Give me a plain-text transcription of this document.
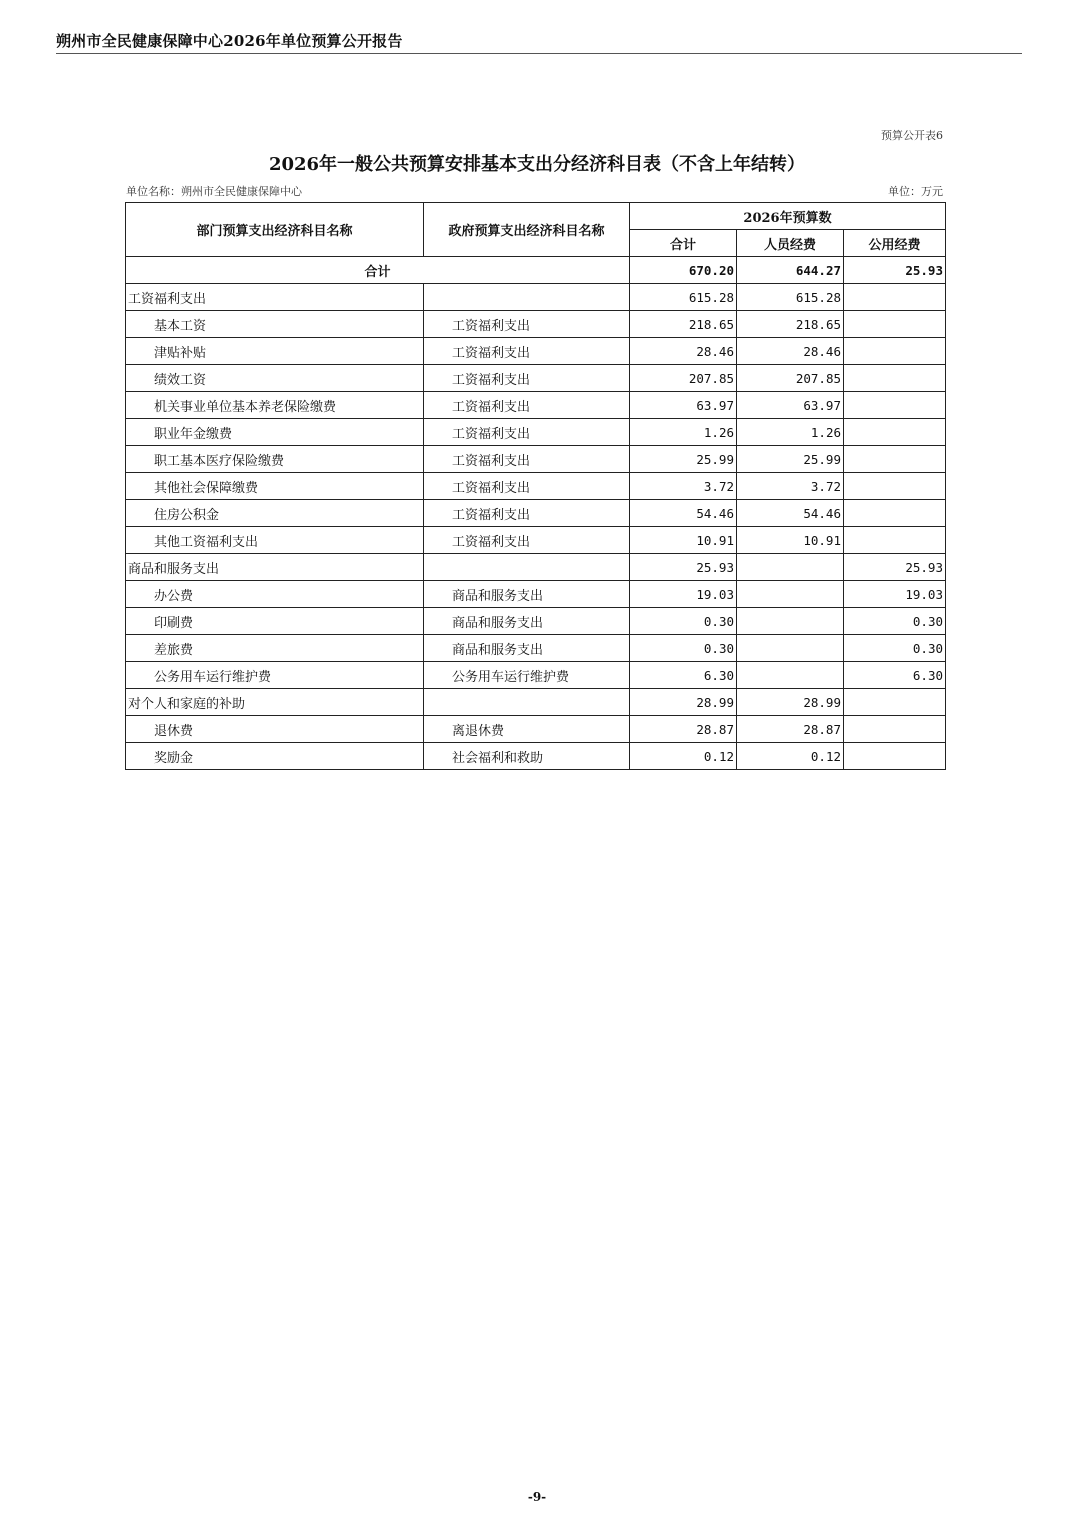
朔州市全民健康保障中心2026年单位预算公开报告
预算公开表6
2026年一般公共预算安排基本支出分经济科目表（不含上年结转）
单位名称：朔州市全民健康保障中心	单位：万元
部门预算支出经济科目名称	政府预算支出经济科目名称	2026年预算数		
		合计	人员经费	公用经费
合计		670.20	644.27	25.93
工资福利支出		615.28	615.28	
基本工资	工资福利支出	218.65	218.65	
津贴补贴	工资福利支出	28.46	28.46	
绩效工资	工资福利支出	207.85	207.85	
机关事业单位基本养老保险缴费	工资福利支出	63.97	63.97	
职业年金缴费	工资福利支出	1.26	1.26	
职工基本医疗保险缴费	工资福利支出	25.99	25.99	
其他社会保障缴费	工资福利支出	3.72	3.72	
住房公积金	工资福利支出	54.46	54.46	
其他工资福利支出	工资福利支出	10.91	10.91	
商品和服务支出		25.93		25.93
办公费	商品和服务支出	19.03		19.03
印刷费	商品和服务支出	0.30		0.30
差旅费	商品和服务支出	0.30		0.30
公务用车运行维护费	公务用车运行维护费	6.30		6.30
对个人和家庭的补助		28.99	28.99	
退休费	离退休费	28.87	28.87	
奖励金	社会福利和救助	0.12	0.12	
-9-
